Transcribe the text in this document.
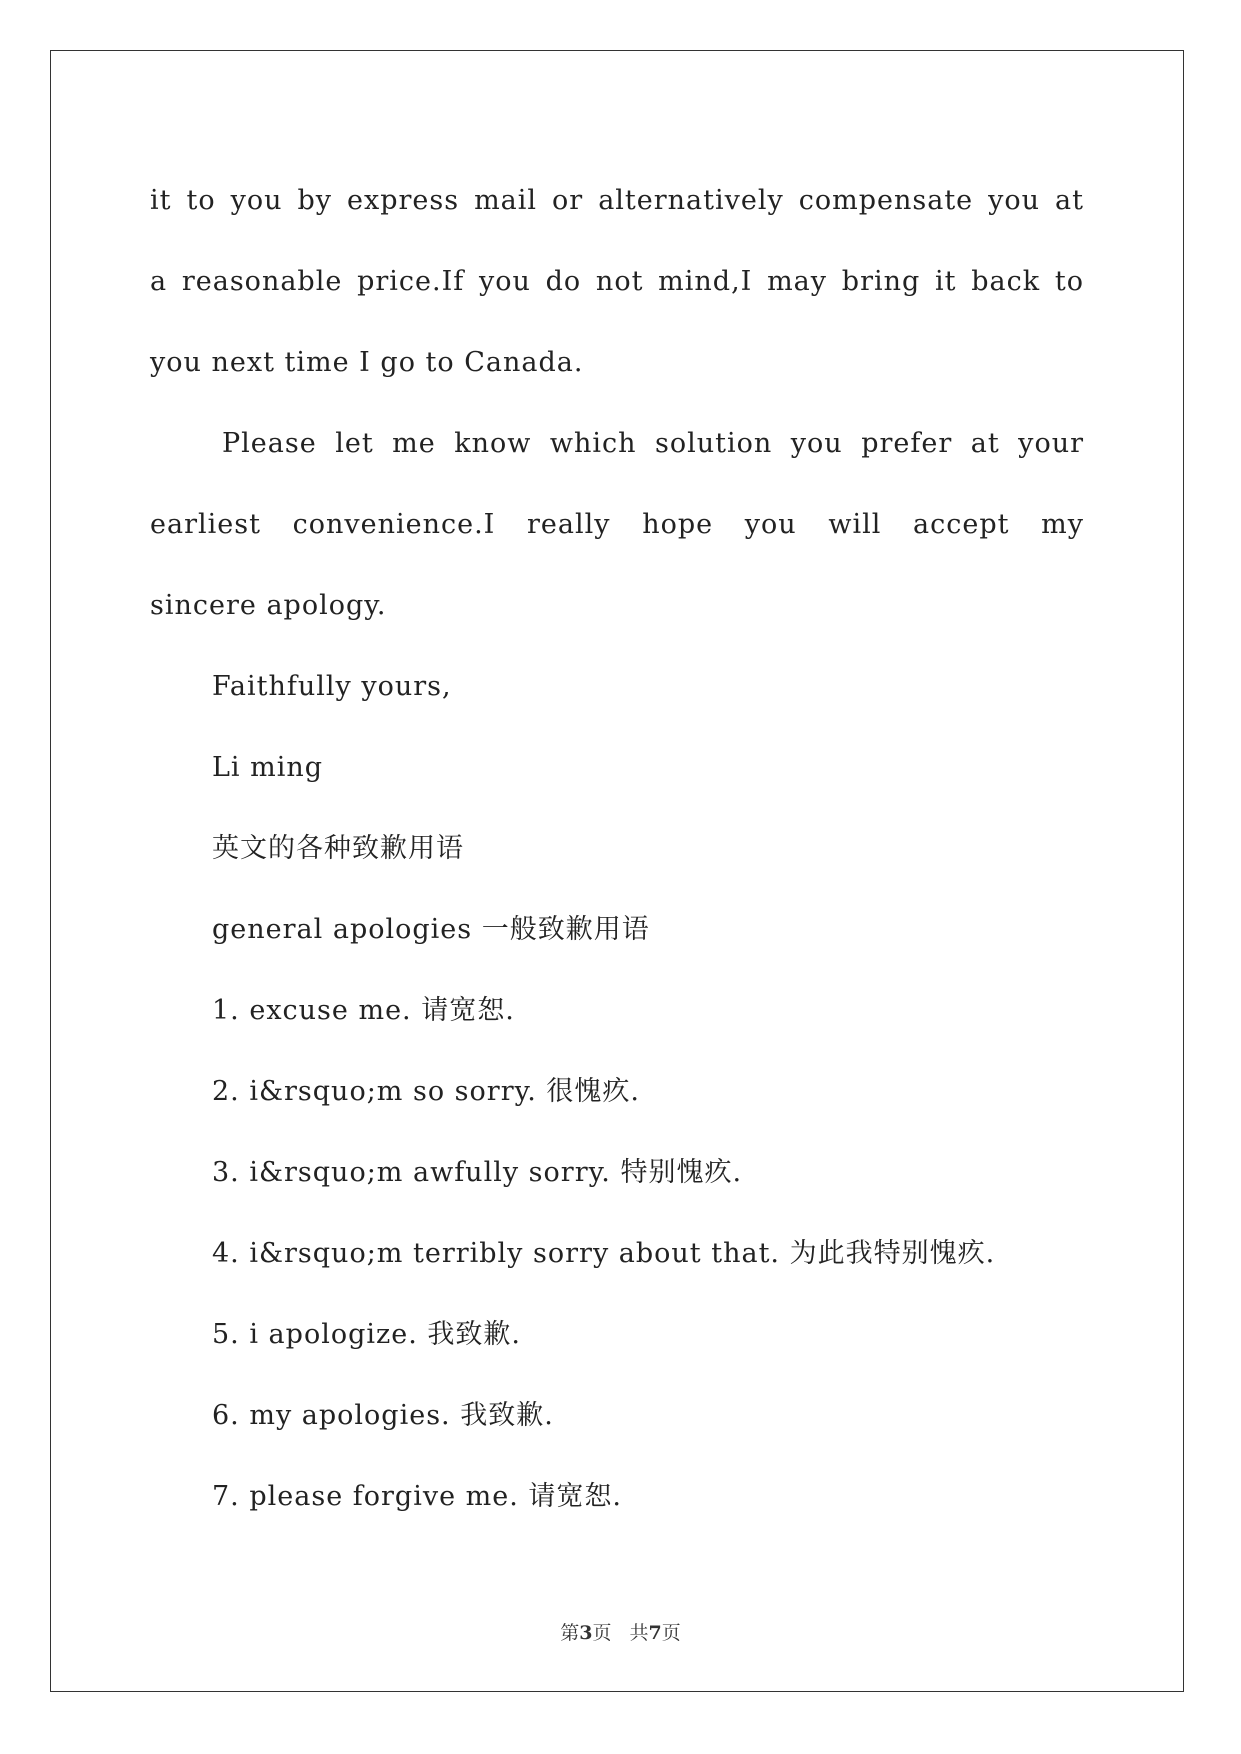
it to you by express mail or alternatively compensate you at
a reasonable price.If you do not mind,I may bring it back to
you next time I go to Canada.
Please let me know which solution you prefer at your
earliest convenience.I really hope you will accept my
sincere apology.
Faithfully yours,
Li ming
英文的各种致歉用语
general apologies 一般致歉用语
1. excuse me. 请宽恕.
2. i&rsquo;m so sorry. 很愧疚.
3. i&rsquo;m awfully sorry. 特别愧疚.
4. i&rsquo;m terribly sorry about that. 为此我特别愧疚.
5. i apologize. 我致歉.
6. my apologies. 我致歉.
7. please forgive me. 请宽恕.
第3页 共7页
